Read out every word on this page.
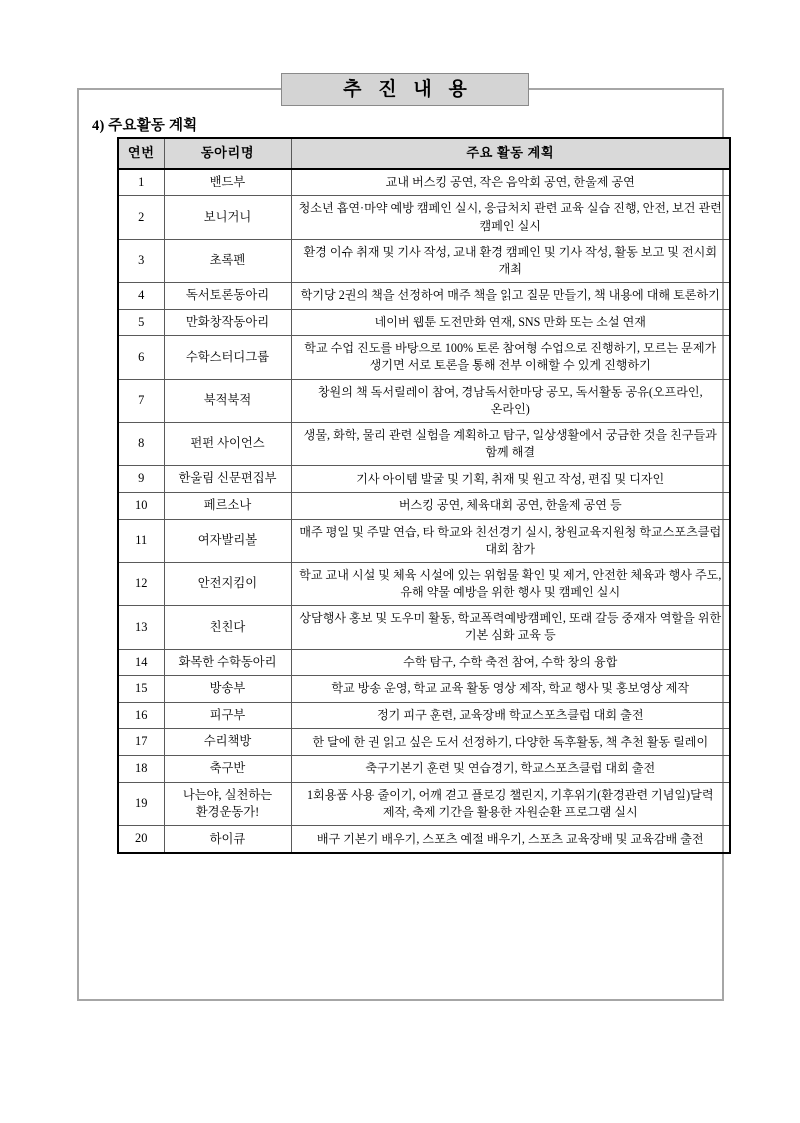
추 진 내 용
4) 주요활동 계획
연번	동아리명	주요 활동 계획
1	밴드부	교내 버스킹 공연, 작은 음악회 공연, 한울제 공연
2	보니거니	청소년 흡연·마약 예방 캠페인 실시, 응급처치 관련 교육 실습 진행, 안전, 보건 관련 캠페인 실시
3	초록펜	환경 이슈 취재 및 기사 작성, 교내 환경 캠페인 및 기사 작성, 활동 보고 및 전시회 개최
4	독서토론동아리	학기당 2권의 책을 선정하여 매주 책을 읽고 질문 만들기, 책 내용에 대해 토론하기
5	만화창작동아리	네이버 웹툰 도전만화 연재, SNS 만화 또는 소설 연재
6	수학스터디그룹	학교 수업 진도를 바탕으로 100% 토론 참여형 수업으로 진행하기, 모르는 문제가 생기면 서로 토론을 통해 전부 이해할 수 있게 진행하기
7	북적북적	창원의 책 독서릴레이 참여, 경남독서한마당 공모, 독서활동 공유(오프라인, 온라인)
8	펀펀 사이언스	생물, 화학, 물리 관련 실험을 계획하고 탐구, 일상생활에서 궁금한 것을 친구들과 함께 해결
9	한울림 신문편집부	기사 아이템 발굴 및 기획, 취재 및 원고 작성, 편집 및 디자인
10	페르소나	버스킹 공연, 체육대회 공연, 한울제 공연 등
11	여자발리볼	매주 평일 및 주말 연습, 타 학교와 친선경기 실시, 창원교육지원청 학교스포츠클럽 대회 참가
12	안전지킴이	학교 교내 시설 및 체육 시설에 있는 위험물 확인 및 제거, 안전한 체육과 행사 주도, 유해 약물 예방을 위한 행사 및 캠페인 실시
13	친친다	상담행사 홍보 및 도우미 활동, 학교폭력예방캠페인, 또래 갈등 중재자 역할을 위한 기본 심화 교육 등
14	화목한 수학동아리	수학 탐구, 수학 축전 참여, 수학 창의 융합
15	방송부	학교 방송 운영, 학교 교육 활동 영상 제작, 학교 행사 및 홍보영상 제작
16	피구부	정기 피구 훈련, 교육장배 학교스포츠클럽 대회 출전
17	수리책방	한 달에 한 권 읽고 싶은 도서 선정하기, 다양한 독후활동, 책 추천 활동 릴레이
18	축구반	축구기본기 훈련 및 연습경기, 학교스포츠클럽 대회 출전
19	나는야, 실천하는 환경운동가!	1회용품 사용 줄이기, 어깨 겯고 플로깅 챌린지, 기후위기(환경관련 기념일)달력 제작, 축제 기간을 활용한 자원순환 프로그램 실시
20	하이큐	배구 기본기 배우기, 스포츠 예절 배우기, 스포츠 교육장배 및 교육감배 출전
